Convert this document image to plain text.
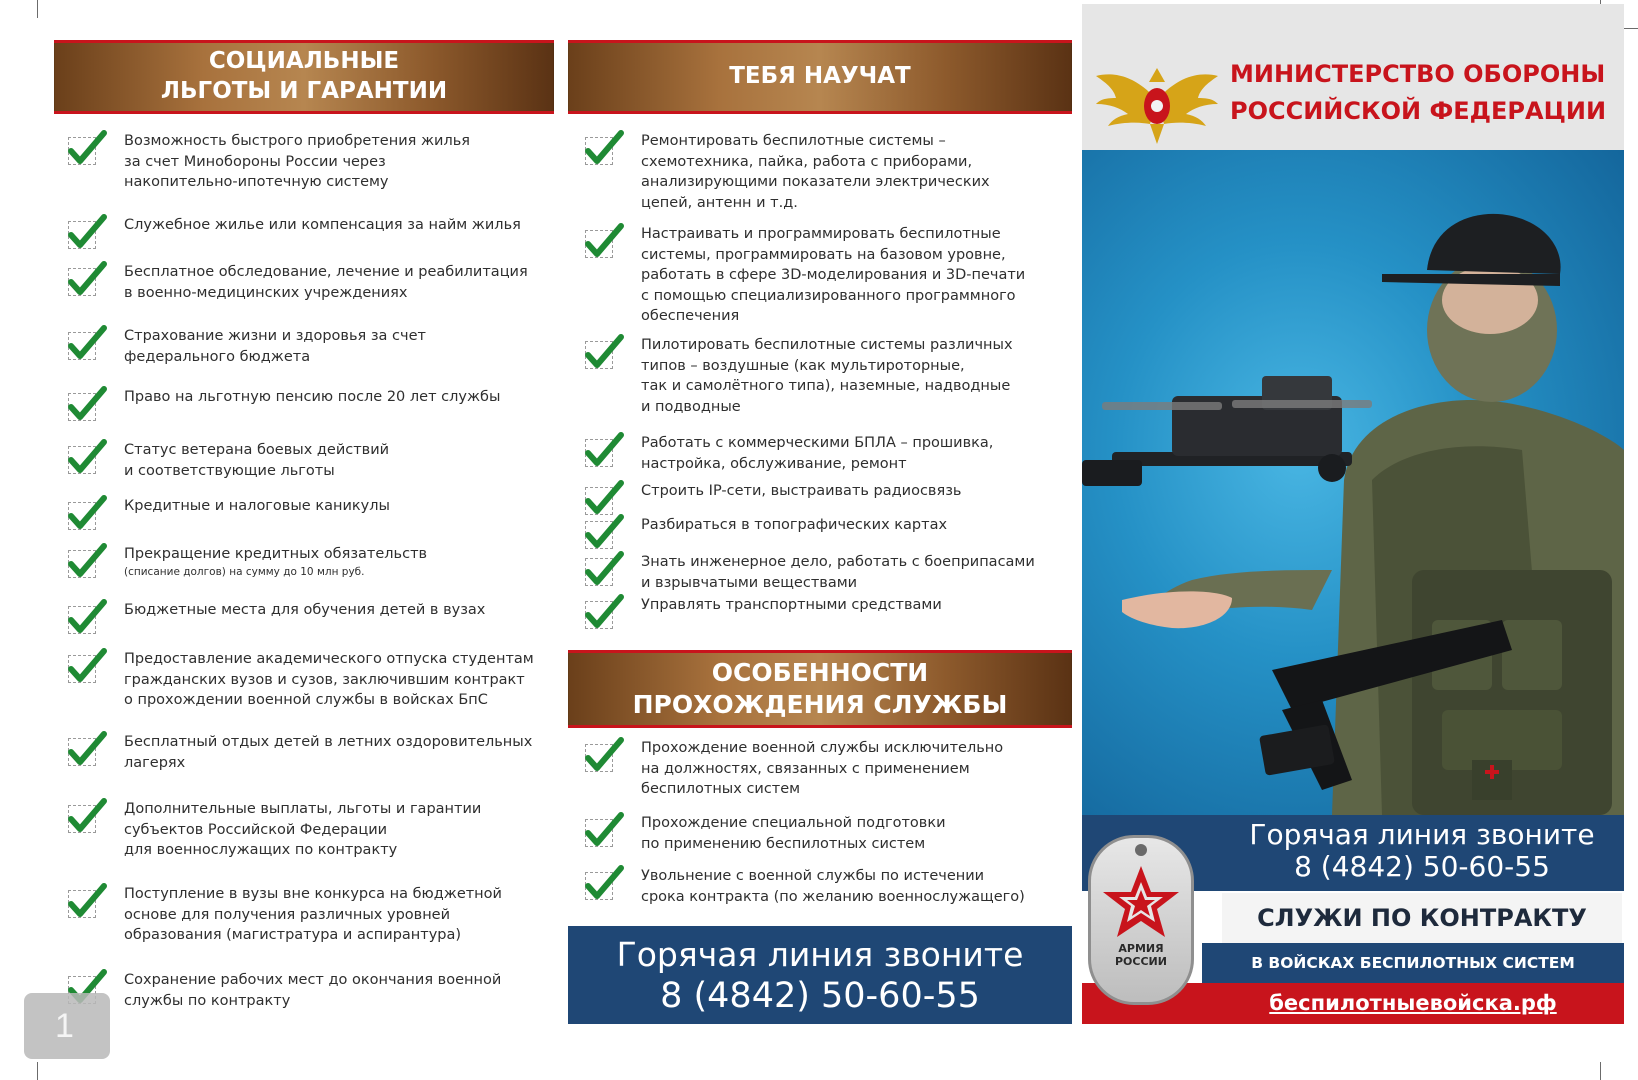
СОЦИАЛЬНЫЕ
ЛЬГОТЫ И ГАРАНТИИ
Возможность быстрого приобретения жилья
за счет Минобороны России через
накопительно-ипотечную систему
Служебное жилье или компенсация за найм жилья
Бесплатное обследование, лечение и реабилитация
в военно-медицинских учреждениях
Страхование жизни и здоровья за счет
федерального бюджета
Право на льготную пенсию после 20 лет службы
Статус ветерана боевых действий
и соответствующие льготы
Кредитные и налоговые каникулы
Прекращение кредитных обязательств
(списание долгов) на сумму до 10 млн руб.
Бюджетные места для обучения детей в вузах
Предоставление академического отпуска студентам
гражданских вузов и сузов, заключившим контракт
о прохождении военной службы в войсках БпС
Бесплатный отдых детей в летних оздоровительных
лагерях
Дополнительные выплаты, льготы и гарантии
субъектов Российской Федерации
для военнослужащих по контракту
Поступление в вузы вне конкурса на бюджетной
основе для получения различных уровней
образования (магистратура и аспирантура)
Сохранение рабочих мест до окончания военной
службы по контракту
ТЕБЯ НАУЧАТ
Ремонтировать беспилотные системы –
схемотехника, пайка, работа с приборами,
анализирующими показатели электрических
цепей, антенн и т.д.
Настраивать и программировать беспилотные
системы, программировать на базовом уровне,
работать в сфере 3D-моделирования и 3D-печати
с помощью специализированного программного
обеспечения
Пилотировать беспилотные системы различных
типов – воздушные (как мультироторные,
так и самолётного типа), наземные, надводные
и подводные
Работать с коммерческими БПЛА – прошивка,
настройка, обслуживание, ремонт
Строить IP-сети, выстраивать радиосвязь
Разбираться в топографических картах
Знать инженерное дело, работать с боеприпасами
и взрывчатыми веществами
Управлять транспортными средствами
ОСОБЕННОСТИ
ПРОХОЖДЕНИЯ СЛУЖБЫ
Прохождение военной службы исключительно
на должностях, связанных с применением
беспилотных систем
Прохождение специальной подготовки
по применению беспилотных систем
Увольнение с военной службы по истечении
срока контракта (по желанию военнослужащего)
Горячая линия звоните
8 (4842) 50-60-55
1
МИНИСТЕРСТВО ОБОРОНЫ
РОССИЙСКОЙ ФЕДЕРАЦИИ
Горячая линия звоните
8 (4842) 50-60-55
СЛУЖИ ПО КОНТРАКТУ
В ВОЙСКАХ БЕСПИЛОТНЫХ СИСТЕМ
беспилотныевойска.рф
АРМИЯ
РОССИИ
